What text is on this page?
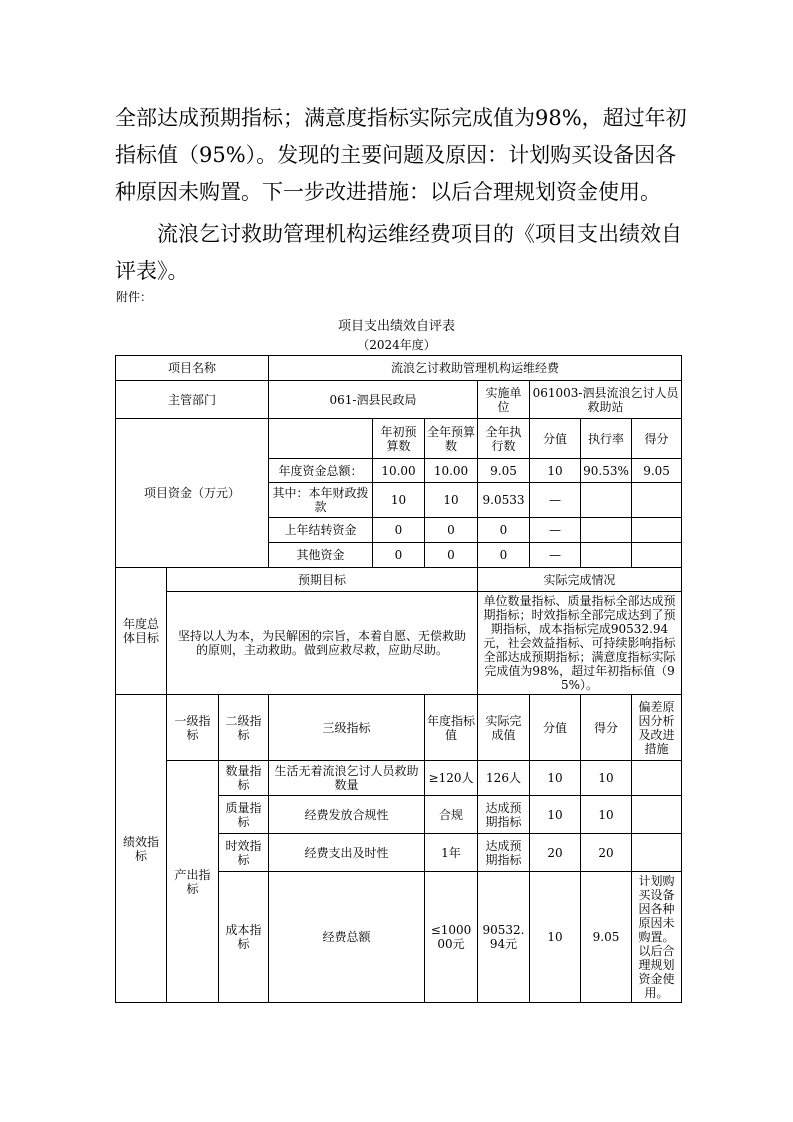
全部达成预期指标；满意度指标实际完成值为98%，超过年初指标值（95%）。发现的主要问题及原因：计划购买设备因各种原因未购置。下一步改进措施：以后合理规划资金使用。

流浪乞讨救助管理机构运维经费项目的《项目支出绩效自评表》。

附件：
项目支出绩效自评表
（2024年度）
项目名称			流浪乞讨救助管理机构运维经费						
主管部门			061-泗县民政局			实施单位	061003-泗县流浪乞讨人员救助站		
项目资金（万元）				年初预算数	全年预算数	全年执行数	分值	执行率	得分
			年度资金总额：	10.00	10.00	9.05	10	90.53%	9.05
			其中：本年财政拨款	10	10	9.0533	—		
			上年结转资金	0	0	0	—		
			其他资金	0	0	0	—		
年度总体目标	预期目标					实际完成情况			
	坚持以人为本，为民解困的宗旨，本着自愿、无偿救助的原则，主动救助。做到应救尽救，应助尽助。					单位数量指标、质量指标全部达成预期指标；时效指标全部完成达到了预期指标，成本指标完成90532.94元，社会效益指标、可持续影响指标全部达成预期指标；满意度指标实际完成值为98%，超过年初指标值（95%）。			
绩效指标	一级指标	二级指标	三级指标		年度指标值	实际完成值	分值	得分	偏差原因分析及改进措施
	产出指标	数量指标	生活无着流浪乞讨人员救助数量		≥120人	126人	10	10	
		质量指标	经费发放合规性		合规	达成预期指标	10	10	
		时效指标	经费支出及时性		1年	达成预期指标	20	20	
		成本指标	经费总额		≤100000元	90532.94元	10	9.05	计划购买设备因各种原因未购置。以后合理规划资金使用。
